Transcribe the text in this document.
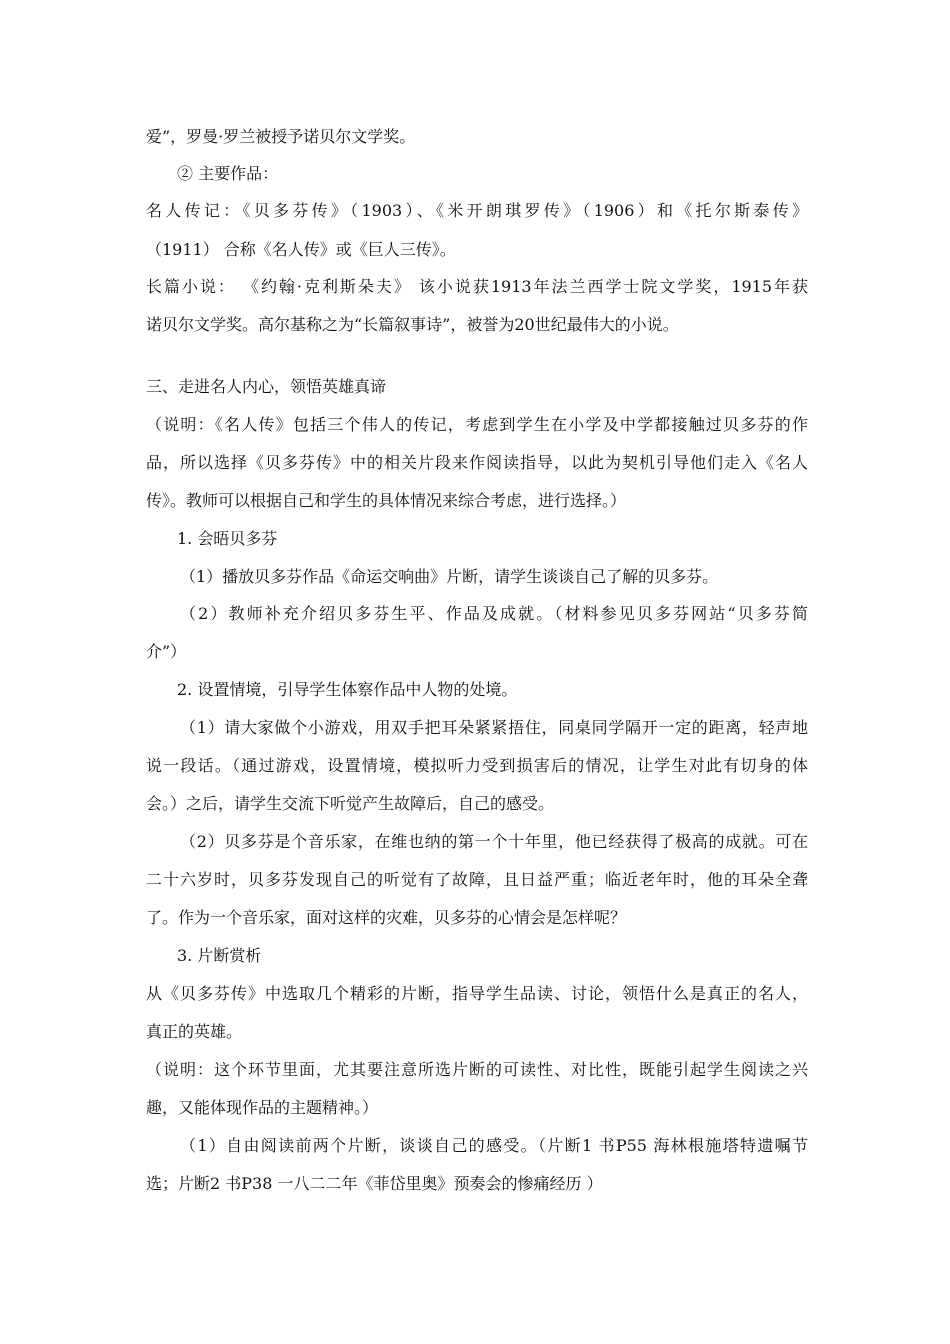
爱”，罗曼·罗兰被授予诺贝尔文学奖。
② 主要作品：
名人传记：《贝多芬传》（1903）、《米开朗琪罗传》（1906）和《托尔斯泰传》
（1911） 合称《名人传》或《巨人三传》。
长篇小说： 《约翰·克利斯朵夫》 该小说获1913年法兰西学士院文学奖，1915年获
诺贝尔文学奖。高尔基称之为“长篇叙事诗”，被誉为20世纪最伟大的小说。
三、走进名人内心，领悟英雄真谛
（说明：《名人传》包括三个伟人的传记，考虑到学生在小学及中学都接触过贝多芬的作
品，所以选择《贝多芬传》中的相关片段来作阅读指导，以此为契机引导他们走入《名人
传》。教师可以根据自己和学生的具体情况来综合考虑，进行选择。）
1. 会晤贝多芬
（1）播放贝多芬作品《命运交响曲》片断，请学生谈谈自己了解的贝多芬。
（2）教师补充介绍贝多芬生平、作品及成就。（材料参见贝多芬网站“贝多芬简
介”）
2. 设置情境，引导学生体察作品中人物的处境。
（1）请大家做个小游戏，用双手把耳朵紧紧捂住，同桌同学隔开一定的距离，轻声地
说一段话。（通过游戏，设置情境，模拟听力受到损害后的情况，让学生对此有切身的体
会。）之后，请学生交流下听觉产生故障后，自己的感受。
（2）贝多芬是个音乐家，在维也纳的第一个十年里，他已经获得了极高的成就。可在
二十六岁时，贝多芬发现自己的听觉有了故障，且日益严重；临近老年时，他的耳朵全聋
了。作为一个音乐家，面对这样的灾难，贝多芬的心情会是怎样呢？
3. 片断赏析
从《贝多芬传》中选取几个精彩的片断，指导学生品读、讨论，领悟什么是真正的名人，
真正的英雄。
（说明：这个环节里面，尤其要注意所选片断的可读性、对比性，既能引起学生阅读之兴
趣，又能体现作品的主题精神。）
（1）自由阅读前两个片断，谈谈自己的感受。（片断1 书P55 海林根施塔特遗嘱节
选；片断2 书P38 一八二二年《菲岱里奥》预奏会的惨痛经历 ）
